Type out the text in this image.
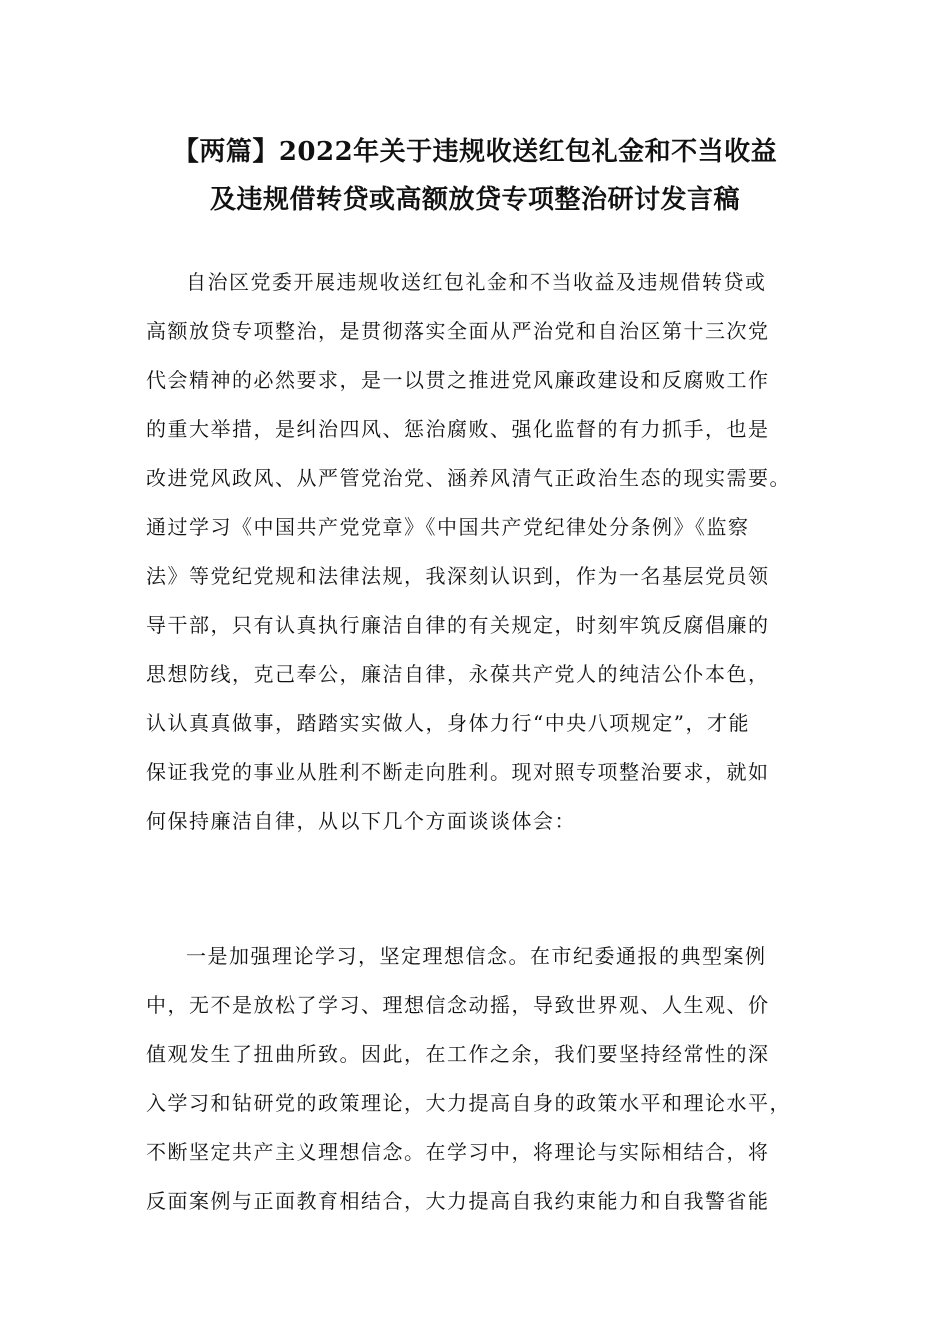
【两篇】2022年关于违规收送红包礼金和不当收益
及违规借转贷或高额放贷专项整治研讨发言稿
自治区党委开展违规收送红包礼金和不当收益及违规借转贷或
高额放贷专项整治，是贯彻落实全面从严治党和自治区第十三次党
代会精神的必然要求，是一以贯之推进党风廉政建设和反腐败工作
的重大举措，是纠治四风、惩治腐败、强化监督的有力抓手，也是
改进党风政风、从严管党治党、涵养风清气正政治生态的现实需要。
通过学习《中国共产党党章》《中国共产党纪律处分条例》《监察
法》等党纪党规和法律法规，我深刻认识到，作为一名基层党员领
导干部，只有认真执行廉洁自律的有关规定，时刻牢筑反腐倡廉的
思想防线，克己奉公，廉洁自律，永葆共产党人的纯洁公仆本色，
认认真真做事，踏踏实实做人，身体力行“中央八项规定”，才能
保证我党的事业从胜利不断走向胜利。现对照专项整治要求，就如
何保持廉洁自律，从以下几个方面谈谈体会：
一是加强理论学习，坚定理想信念。在市纪委通报的典型案例
中，无不是放松了学习、理想信念动摇，导致世界观、人生观、价
值观发生了扭曲所致。因此，在工作之余，我们要坚持经常性的深
入学习和钻研党的政策理论，大力提高自身的政策水平和理论水平，
不断坚定共产主义理想信念。在学习中，将理论与实际相结合，将
反面案例与正面教育相结合，大力提高自我约束能力和自我警省能
